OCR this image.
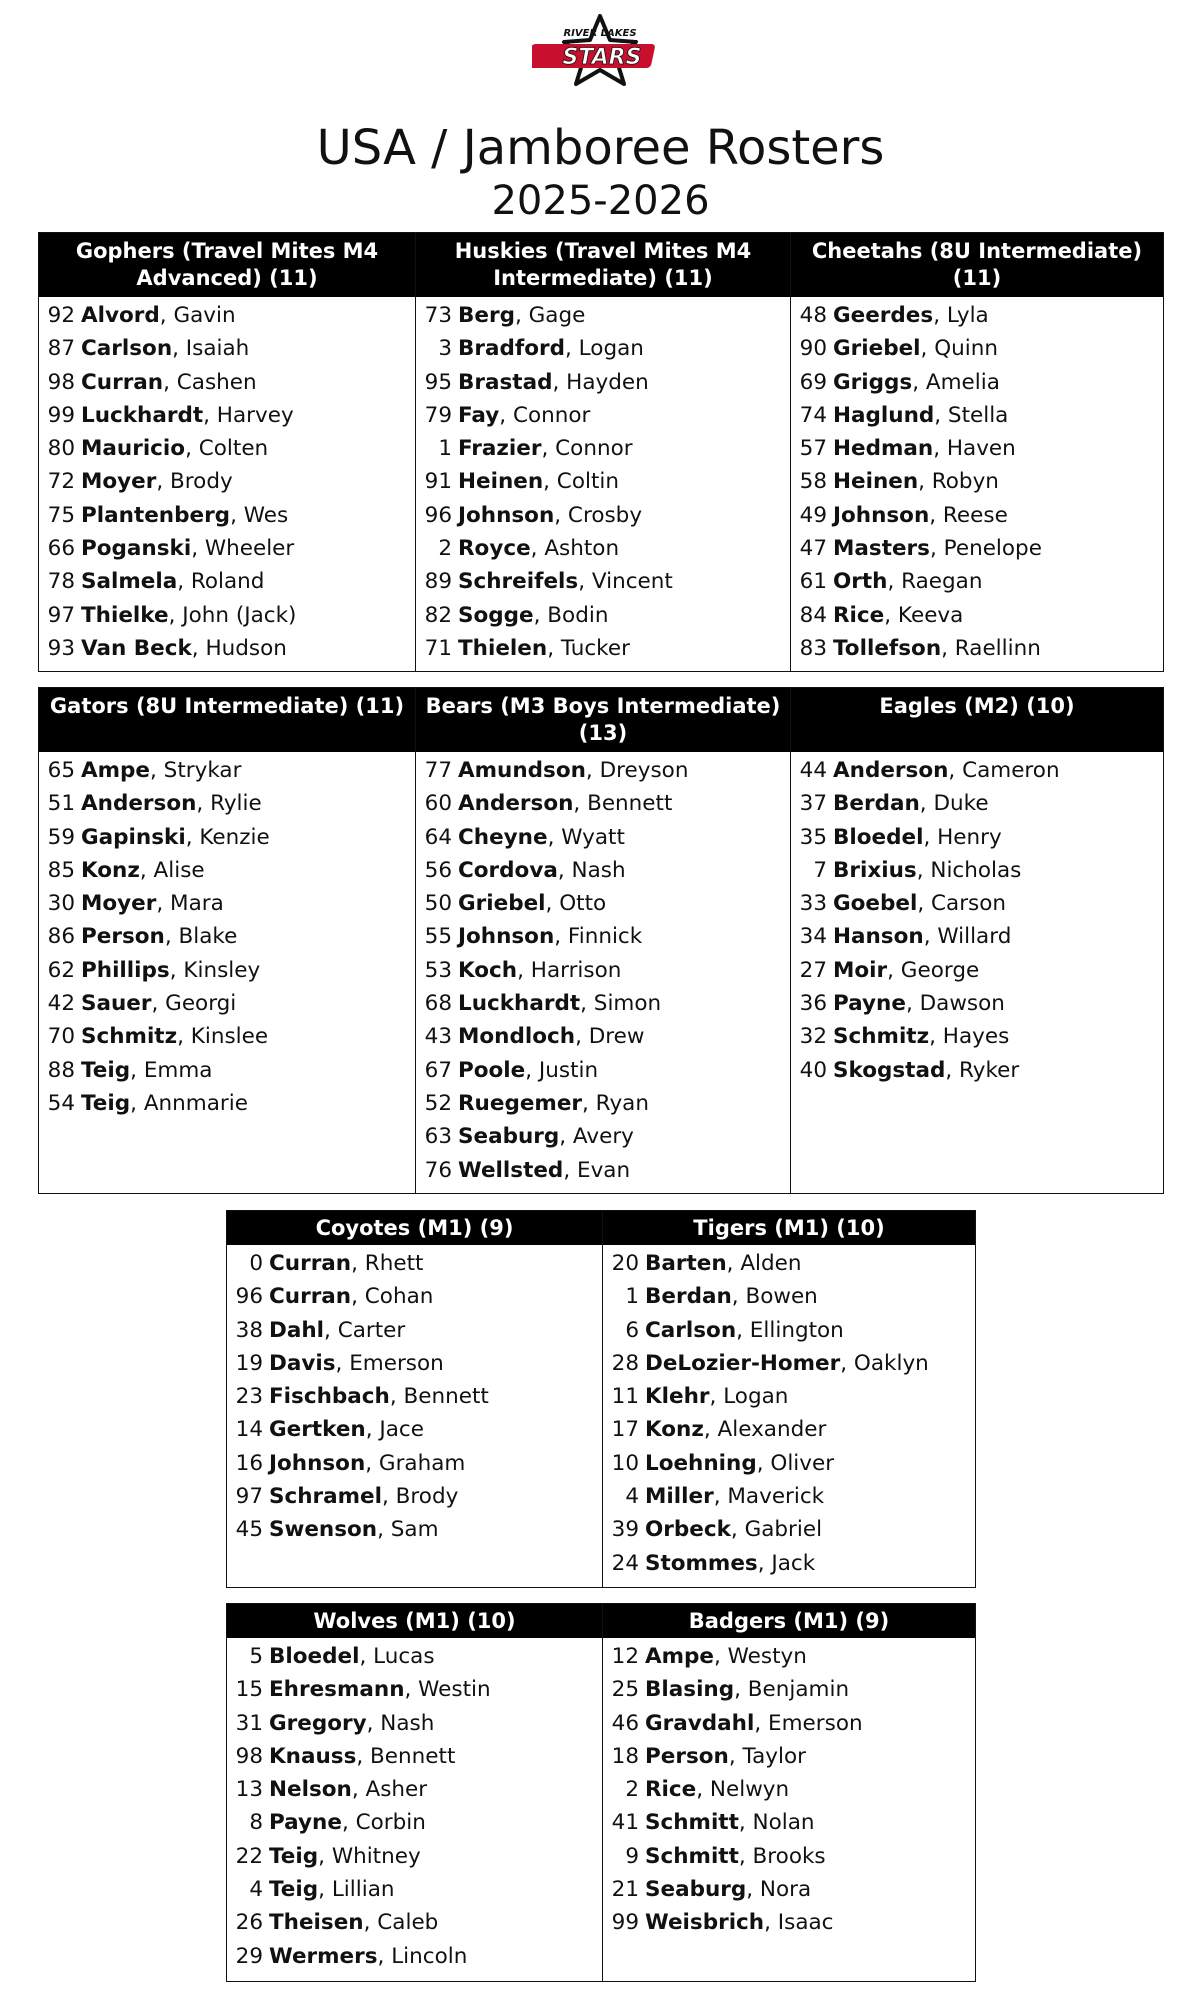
STARS
RIVER LAKES
USA / Jamboree Rosters
2025-2026
Gophers (Travel Mites M4
Advanced) (11)
92 Alvord, Gavin
87 Carlson, Isaiah
98 Curran, Cashen
99 Luckhardt, Harvey
80 Mauricio, Colten
72 Moyer, Brody
75 Plantenberg, Wes
66 Poganski, Wheeler
78 Salmela, Roland
97 Thielke, John (Jack)
93 Van Beck, Hudson
Huskies (Travel Mites M4
Intermediate) (11)
73 Berg, Gage
3 Bradford, Logan
95 Brastad, Hayden
79 Fay, Connor
1 Frazier, Connor
91 Heinen, Coltin
96 Johnson, Crosby
2 Royce, Ashton
89 Schreifels, Vincent
82 Sogge, Bodin
71 Thielen, Tucker
Cheetahs (8U Intermediate)
(11)
48 Geerdes, Lyla
90 Griebel, Quinn
69 Griggs, Amelia
74 Haglund, Stella
57 Hedman, Haven
58 Heinen, Robyn
49 Johnson, Reese
47 Masters, Penelope
61 Orth, Raegan
84 Rice, Keeva
83 Tollefson, Raellinn
Gators (8U Intermediate) (11)
65 Ampe, Strykar
51 Anderson, Rylie
59 Gapinski, Kenzie
85 Konz, Alise
30 Moyer, Mara
86 Person, Blake
62 Phillips, Kinsley
42 Sauer, Georgi
70 Schmitz, Kinslee
88 Teig, Emma
54 Teig, Annmarie
Bears (M3 Boys Intermediate)
(13)
77 Amundson, Dreyson
60 Anderson, Bennett
64 Cheyne, Wyatt
56 Cordova, Nash
50 Griebel, Otto
55 Johnson, Finnick
53 Koch, Harrison
68 Luckhardt, Simon
43 Mondloch, Drew
67 Poole, Justin
52 Ruegemer, Ryan
63 Seaburg, Avery
76 Wellsted, Evan
Eagles (M2) (10)
44 Anderson, Cameron
37 Berdan, Duke
35 Bloedel, Henry
7 Brixius, Nicholas
33 Goebel, Carson
34 Hanson, Willard
27 Moir, George
36 Payne, Dawson
32 Schmitz, Hayes
40 Skogstad, Ryker
Coyotes (M1) (9)
0 Curran, Rhett
96 Curran, Cohan
38 Dahl, Carter
19 Davis, Emerson
23 Fischbach, Bennett
14 Gertken, Jace
16 Johnson, Graham
97 Schramel, Brody
45 Swenson, Sam
Tigers (M1) (10)
20 Barten, Alden
1 Berdan, Bowen
6 Carlson, Ellington
28 DeLozier-Homer, Oaklyn
11 Klehr, Logan
17 Konz, Alexander
10 Loehning, Oliver
4 Miller, Maverick
39 Orbeck, Gabriel
24 Stommes, Jack
Wolves (M1) (10)
5 Bloedel, Lucas
15 Ehresmann, Westin
31 Gregory, Nash
98 Knauss, Bennett
13 Nelson, Asher
8 Payne, Corbin
22 Teig, Whitney
4 Teig, Lillian
26 Theisen, Caleb
29 Wermers, Lincoln
Badgers (M1) (9)
12 Ampe, Westyn
25 Blasing, Benjamin
46 Gravdahl, Emerson
18 Person, Taylor
2 Rice, Nelwyn
41 Schmitt, Nolan
9 Schmitt, Brooks
21 Seaburg, Nora
99 Weisbrich, Isaac
